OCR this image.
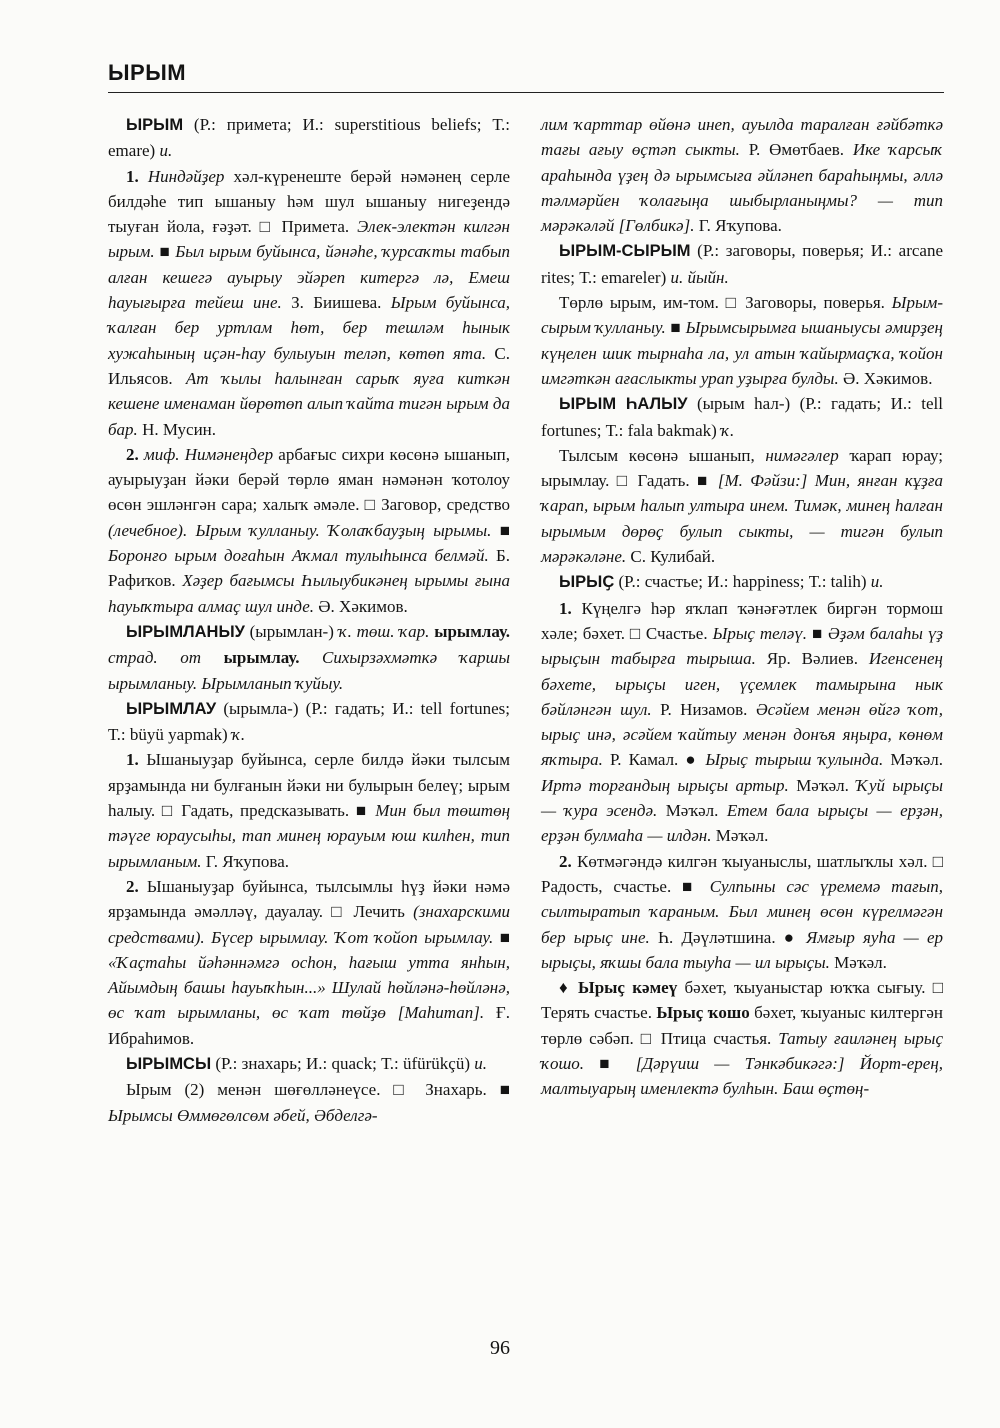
ЫРЫМ

ЫРЫМ (Р.: примета; И.: superstitious beliefs; Т.: emare) и.

1. Ниндәйҙер хәл-күренеште берәй нәмәнең серле билдәһе тип ышаныу һәм шул ышаныу нигеҙендә тыуған йола, ғәҙәт. □ Примета. Элек-электән килгән ырым. ■ Был ырым буйынса, йәнәһе, ҡурсаҡты табып алған кешегә ауырыу эйәреп китергә лә, Емеш һауығырға тейеш ине. З. Биишева. Ырым буйынса, ҡалған бер уртлам һөт, бер тешләм һынык хужаһының иҫән-һау булыуын теләп, көтөп ята. С. Ильясов. Ат ҡылы һалынған сарыҡ яуға киткән кешене именаман йөрөтөп алып ҡайта тигән ырым да бар. Н. Мусин.

2. миф. Нимәнеңдер арбағыс сихри көсөнә ышанып, ауырыуҙан йәки берәй төрлө яман нәмәнән ҡотолоу өсөн эшләнгән сара; халыҡ әмәле. □ Заговор, средство (лечебное). Ырым ҡулланыу. Ҡолаҡбауҙың ырымы. ■ Боронғо ырым доғаһын Аҡмал тулыһынса белмәй. Б. Рафиҡов. Хәҙер бағымсы Һылыубикәнең ырымы ғына һауыҡтыра алмаҫ шул инде. Ә. Хәкимов.

ЫРЫМЛАНЫУ (ырымлан-) ҡ. төш. ҡар. ырымлау. страд. от ырымлау. Сихырзәхмәткә ҡаршы ырымланыу. Ырымланып ҡуйыу.

ЫРЫМЛАУ (ырымла-) (Р.: гадать; И.: tell fortunes; Т.: büyü yapmak) ҡ.

1. Ышаныуҙар буйынса, серле билдә йәки тылсым ярҙамында ни булғанын йәки ни булырын белеү; ырым һалыу. □ Гадать, предсказывать. ■ Мин был төштөң тәүге юраусыһы, тап минең юрауым юш килһен, тип ырымланым. Г. Яҡупова.

2. Ышаныуҙар буйынса, тылсымлы һүҙ йәки нәмә ярҙамында әмәлләү, дауалау. □ Лечить (знахарскими средствами). Бүсер ырымлау. Ҡот ҡойоп ырымлау. ■ «Ҡаҫтаһы йәһәннәмгә осһон, һағыш утта янһын, Айымдың башы һауыҡһын...» Шулай һөйләнә-һөйләнә, өс ҡат ырымланы, өс ҡат төйҙө [Маһитап]. Ғ. Ибраһимов.

ЫРЫМСЫ (Р.: знахарь; И.: quack; Т.: üfürükçü) и.

Ырым (2) менән шөғөлләнеүсе. □ Знахарь. ■ Ырымсы Өммөгөлсөм әбей, Әбделгә-

лим ҡарттар өйөнә инеп, ауылда таралған ғәйбәткә тағы ағыу өҫтәп сыкты. Р. Өмөтбаев. Ике ҡарсыҡ араһында үҙең дә ырымсыға әйләнеп бараһыңмы, әллә тәлмәрйен ҡолағыңа шыбырланыңмы? — тип мәрәкәләй [Гөлбикә]. Г. Яҡупова.

ЫРЫМ-СЫРЫМ (Р.: заговоры, поверья; И.: arcane rites; Т.: emareler) и. йыйн.

Төрлө ырым, им-том. □ Заговоры, поверья. Ырым-сырым ҡулланыу. ■ Ырымсырымға ышаныусы әмирҙең күңелен шик тырнаһа ла, ул атын ҡайырмаҫҡа, ҡойон имгәткән ағаслыкты урап уҙырға булды. Ә. Хәкимов.

ЫРЫМ ҺАЛЫУ (ырым һал-) (Р.: гадать; И.: tell fortunes; Т.: fala bakmak) ҡ.

Тылсым көсөнә ышанып, нимәгәлер ҡарап юрау; ырымлау. □ Гадать. ■ [М. Фәйзи:] Мин, янған кұҙға ҡарап, ырым һалып ултыра инем. Тимәк, минең һалған ырымым дөрөҫ булып сыкты, — тигән булып мәрәкәләне. С. Кулибай.

ЫРЫҪ (Р.: счастье; И.: happiness; Т.: talih) и.

1. Күңелгә һәр яҡлап ҡәнәғәтлек биргән тормош хәле; бәхет. □ Счастье. Ырыҫ теләү. ■ Әҙәм балаһы үҙ ырыҫын табырға тырыша. Яр. Вәлиев. Игенсенең бәхете, ырыҫы иген, үҫемлек тамырына нык бәйләнгән шул. Р. Низамов. Әсәйем менән өйгә ҡот, ырыҫ инә, әсәйем ҡайтыу менән донъя яңыра, көнөм яҡтыра. Р. Камал. ● Ырыҫ тырыш ҡулында. Мәҡәл. Иртә торғандың ырыҫы артыр. Мәҡәл. Ҡуй ырыҫы — ҡура эсендә. Мәҡәл. Етем бала ырыҫы — ерҙән, ерҙән булмаһа — илдән. Мәҡәл.

2. Көтмәгәндә килгән ҡыуаныслы, шатлыҡлы хәл. □ Радость, счастье. ■ Сулпыны сәс үремемә тағып, сылтыратып ҡараным. Был минең өсөн күрелмәгән бер ырыҫ ине. Һ. Дәүләтшина. ● Ямғыр яуһа — ер ырыҫы, яҡшы бала тыуһа — ил ырыҫы. Мәҡәл.

♦ Ырыҫ кәмеү бәхет, ҡыуаныстар юҡҡа сығыу. □ Терять счастье. Ырыҫ ҡошо бәхет, ҡыуаныс килтергән төрлө сәбәп. □ Птица счастья. Татыу ғаиләнең ырыҫ ҡошо. ■ [Дәрүиш — Тәнкәбикәгә:] Йорт-ерең, малтыуарың именлектә булһын. Баш өҫтөң-

96
